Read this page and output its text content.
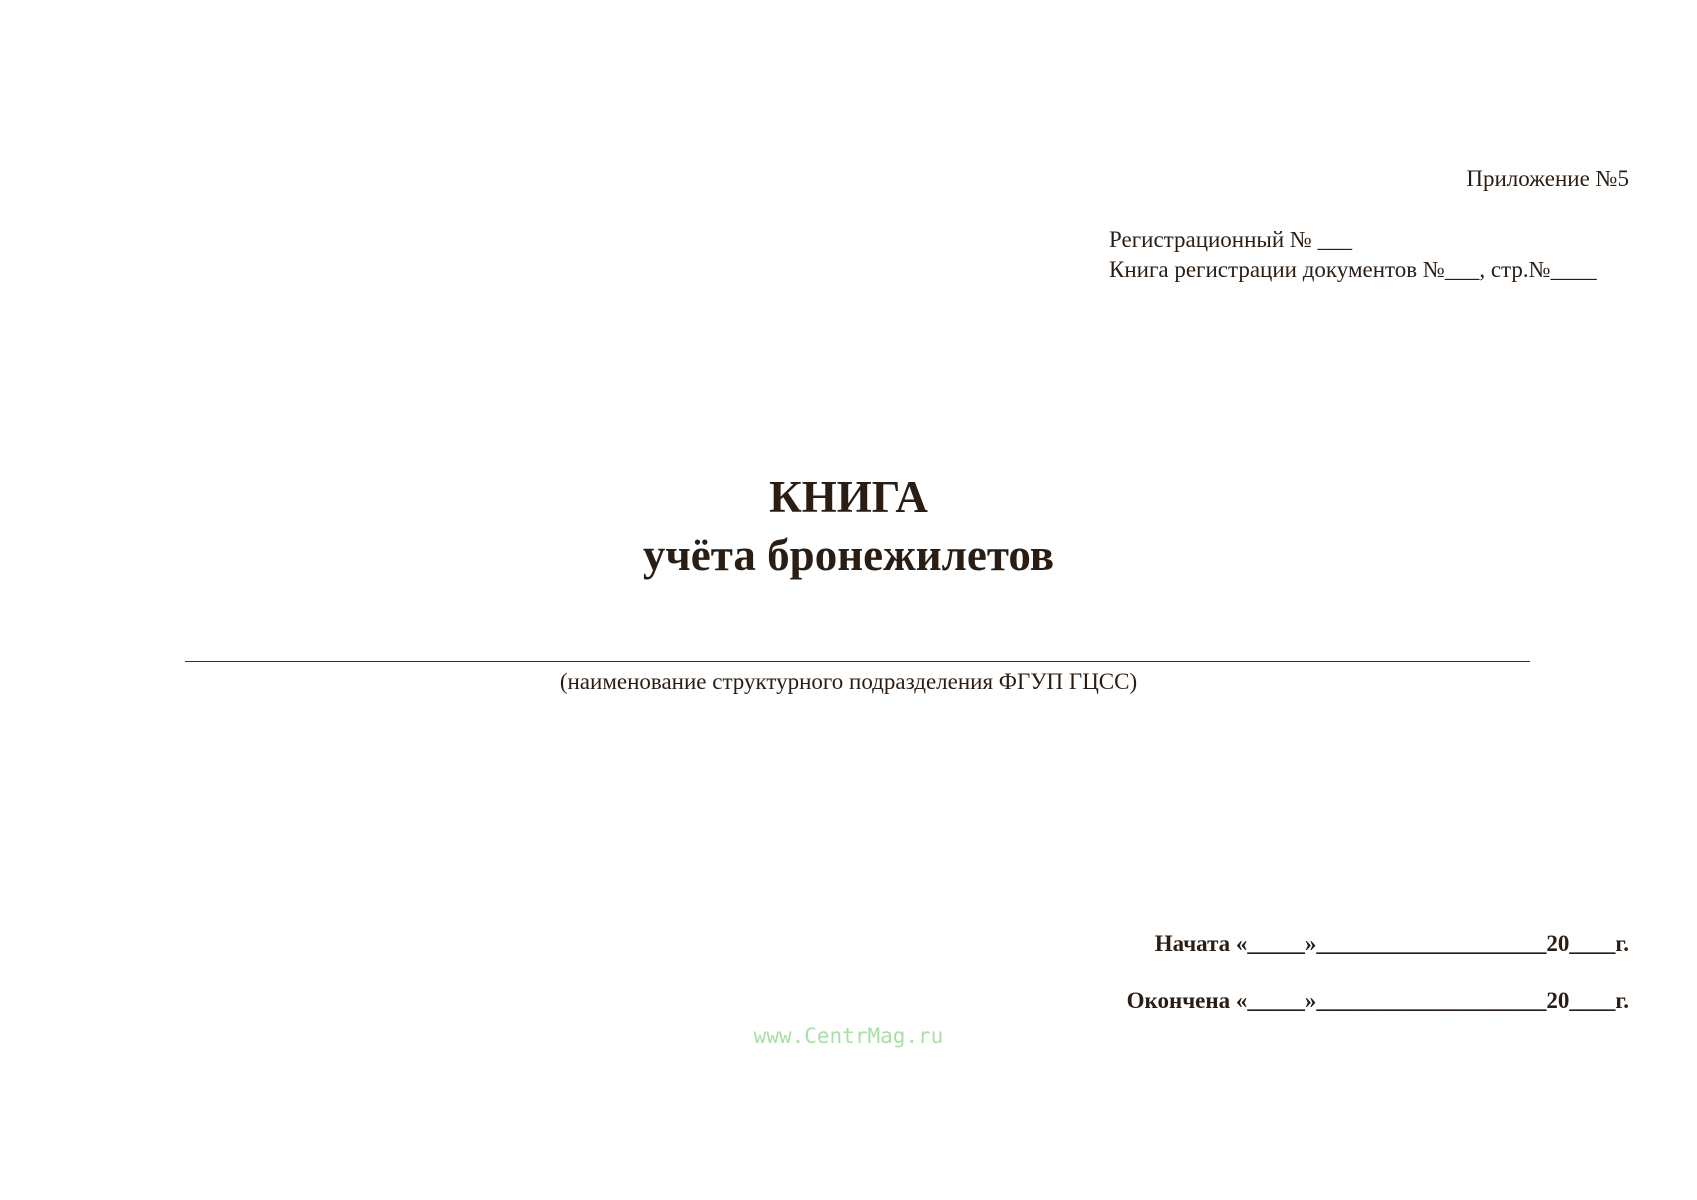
Приложение №5
Регистрационный № ___
Книга регистрации документов №___, стр.№____
КНИГА
учёта бронежилетов
(наименование структурного подразделения ФГУП ГЦСС)
Начата «_____»____________________20____г.
Окончена «_____»____________________20____г.
www.CentrMag.ru
